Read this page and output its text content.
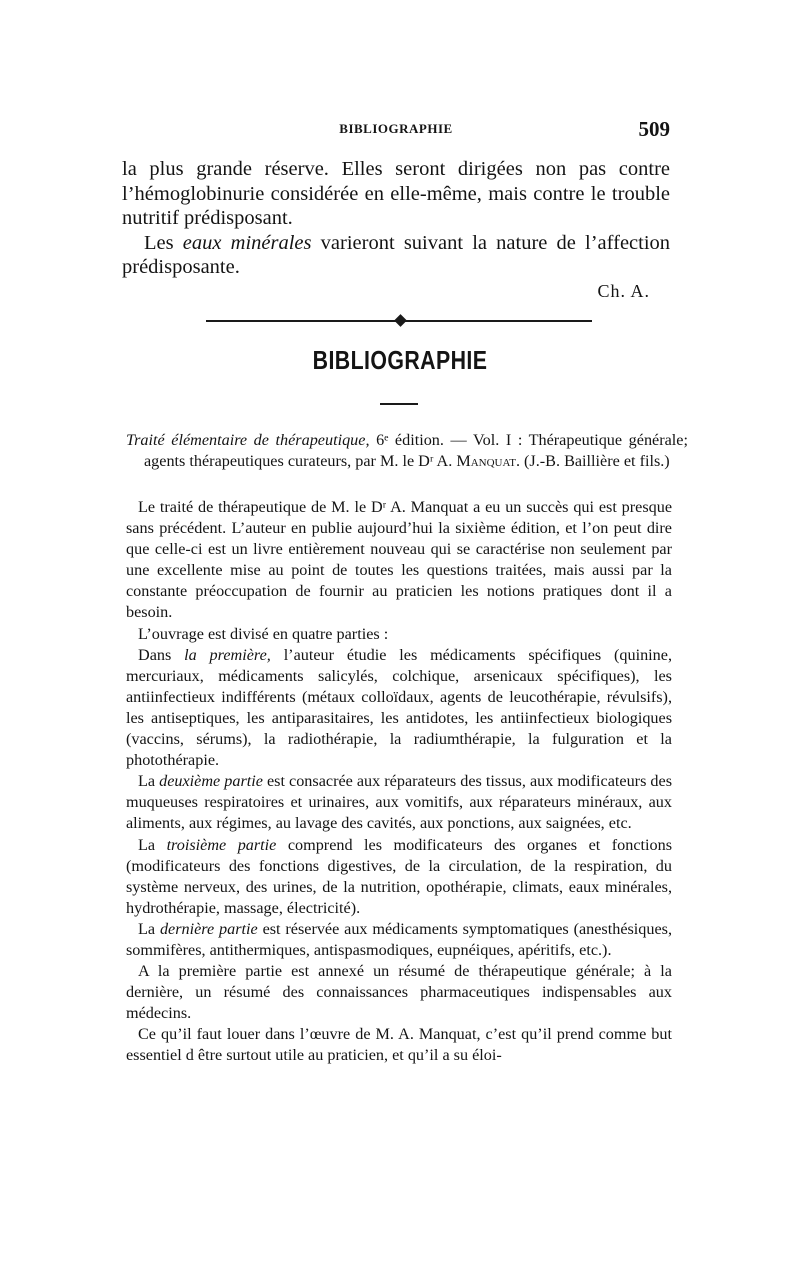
BIBLIOGRAPHIE	509

la plus grande réserve. Elles seront dirigées non pas contre l’hémoglobinurie considérée en elle-même, mais contre le trouble nutritif prédisposant.

Les eaux minérales varieront suivant la nature de l’affection prédisposante.

Ch. A.
BIBLIOGRAPHIE
Traité élémentaire de thérapeutique, 6ᵉ édition. — Vol. I : Thérapeutique générale; agents thérapeutiques curateurs, par M. le Dʳ A. Manquat. (J.-B. Baillière et fils.)

Le traité de thérapeutique de M. le Dʳ A. Manquat a eu un succès qui est presque sans précédent. L’auteur en publie aujourd’hui la sixième édition, et l’on peut dire que celle-ci est un livre entièrement nouveau qui se caractérise non seulement par une excellente mise au point de toutes les questions traitées, mais aussi par la constante préoccupation de fournir au praticien les notions pratiques dont il a besoin.

L’ouvrage est divisé en quatre parties :

Dans la première, l’auteur étudie les médicaments spécifiques (quinine, mercuriaux, médicaments salicylés, colchique, arsenicaux spécifiques), les antiinfectieux indifférents (métaux colloïdaux, agents de leucothérapie, révulsifs), les antiseptiques, les antiparasitaires, les antidotes, les antiinfectieux biologiques (vaccins, sérums), la radiothérapie, la radiumthérapie, la fulguration et la photothérapie.

La deuxième partie est consacrée aux réparateurs des tissus, aux modificateurs des muqueuses respiratoires et urinaires, aux vomitifs, aux réparateurs minéraux, aux aliments, aux régimes, au lavage des cavités, aux ponctions, aux saignées, etc.

La troisième partie comprend les modificateurs des organes et fonctions (modificateurs des fonctions digestives, de la circulation, de la respiration, du système nerveux, des urines, de la nutrition, opothérapie, climats, eaux minérales, hydrothérapie, massage, électricité).

La dernière partie est réservée aux médicaments symptomatiques (anesthésiques, sommifères, antithermiques, antispasmodiques, eupnéiques, apéritifs, etc.).

A la première partie est annexé un résumé de thérapeutique générale; à la dernière, un résumé des connaissances pharmaceutiques indispensables aux médecins.

Ce qu’il faut louer dans l’œuvre de M. A. Manquat, c’est qu’il prend comme but essentiel d être surtout utile au praticien, et qu’il a su éloi-
